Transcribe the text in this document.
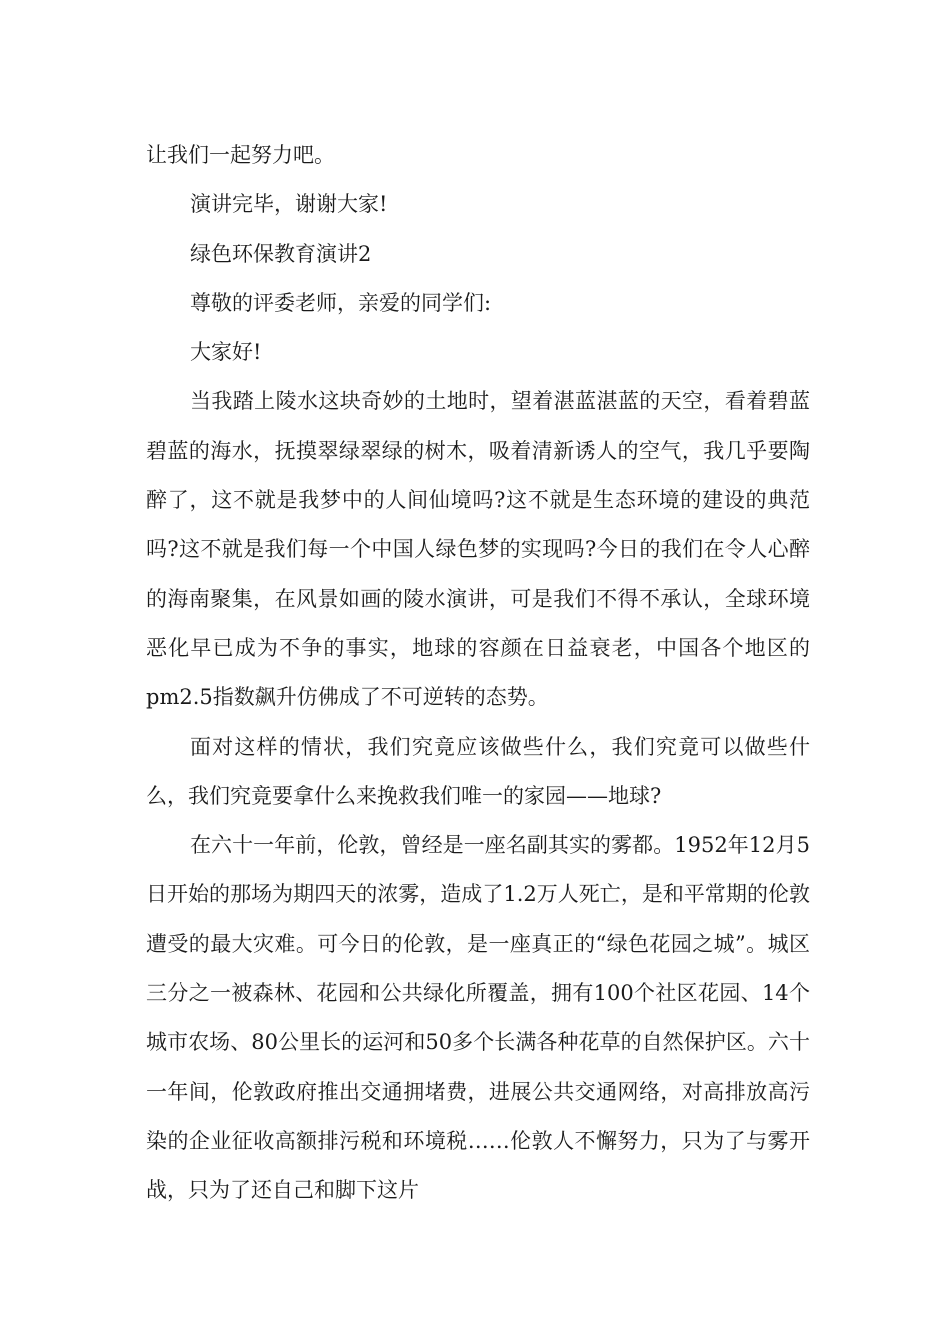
让我们一起努力吧。

演讲完毕，谢谢大家!

绿色环保教育演讲2

尊敬的评委老师，亲爱的同学们:

大家好!

当我踏上陵水这块奇妙的土地时，望着湛蓝湛蓝的天空，看着碧蓝碧蓝的海水，抚摸翠绿翠绿的树木，吸着清新诱人的空气，我几乎要陶醉了，这不就是我梦中的人间仙境吗?这不就是生态环境的建设的典范吗?这不就是我们每一个中国人绿色梦的实现吗?今日的我们在令人心醉的海南聚集，在风景如画的陵水演讲，可是我们不得不承认，全球环境恶化早已成为不争的事实，地球的容颜在日益衰老，中国各个地区的pm2.5指数飙升仿佛成了不可逆转的态势。

面对这样的情状，我们究竟应该做些什么，我们究竟可以做些什么，我们究竟要拿什么来挽救我们唯一的家园——地球?

在六十一年前，伦敦，曾经是一座名副其实的雾都。1952年12月5日开始的那场为期四天的浓雾，造成了1.2万人死亡，是和平常期的伦敦遭受的最大灾难。可今日的伦敦，是一座真正的“绿色花园之城”。城区三分之一被森林、花园和公共绿化所覆盖，拥有100个社区花园、14个城市农场、80公里长的运河和50多个长满各种花草的自然保护区。六十一年间，伦敦政府推出交通拥堵费，进展公共交通网络，对高排放高污染的企业征收高额排污税和环境税……伦敦人不懈努力，只为了与雾开战，只为了还自己和脚下这片
